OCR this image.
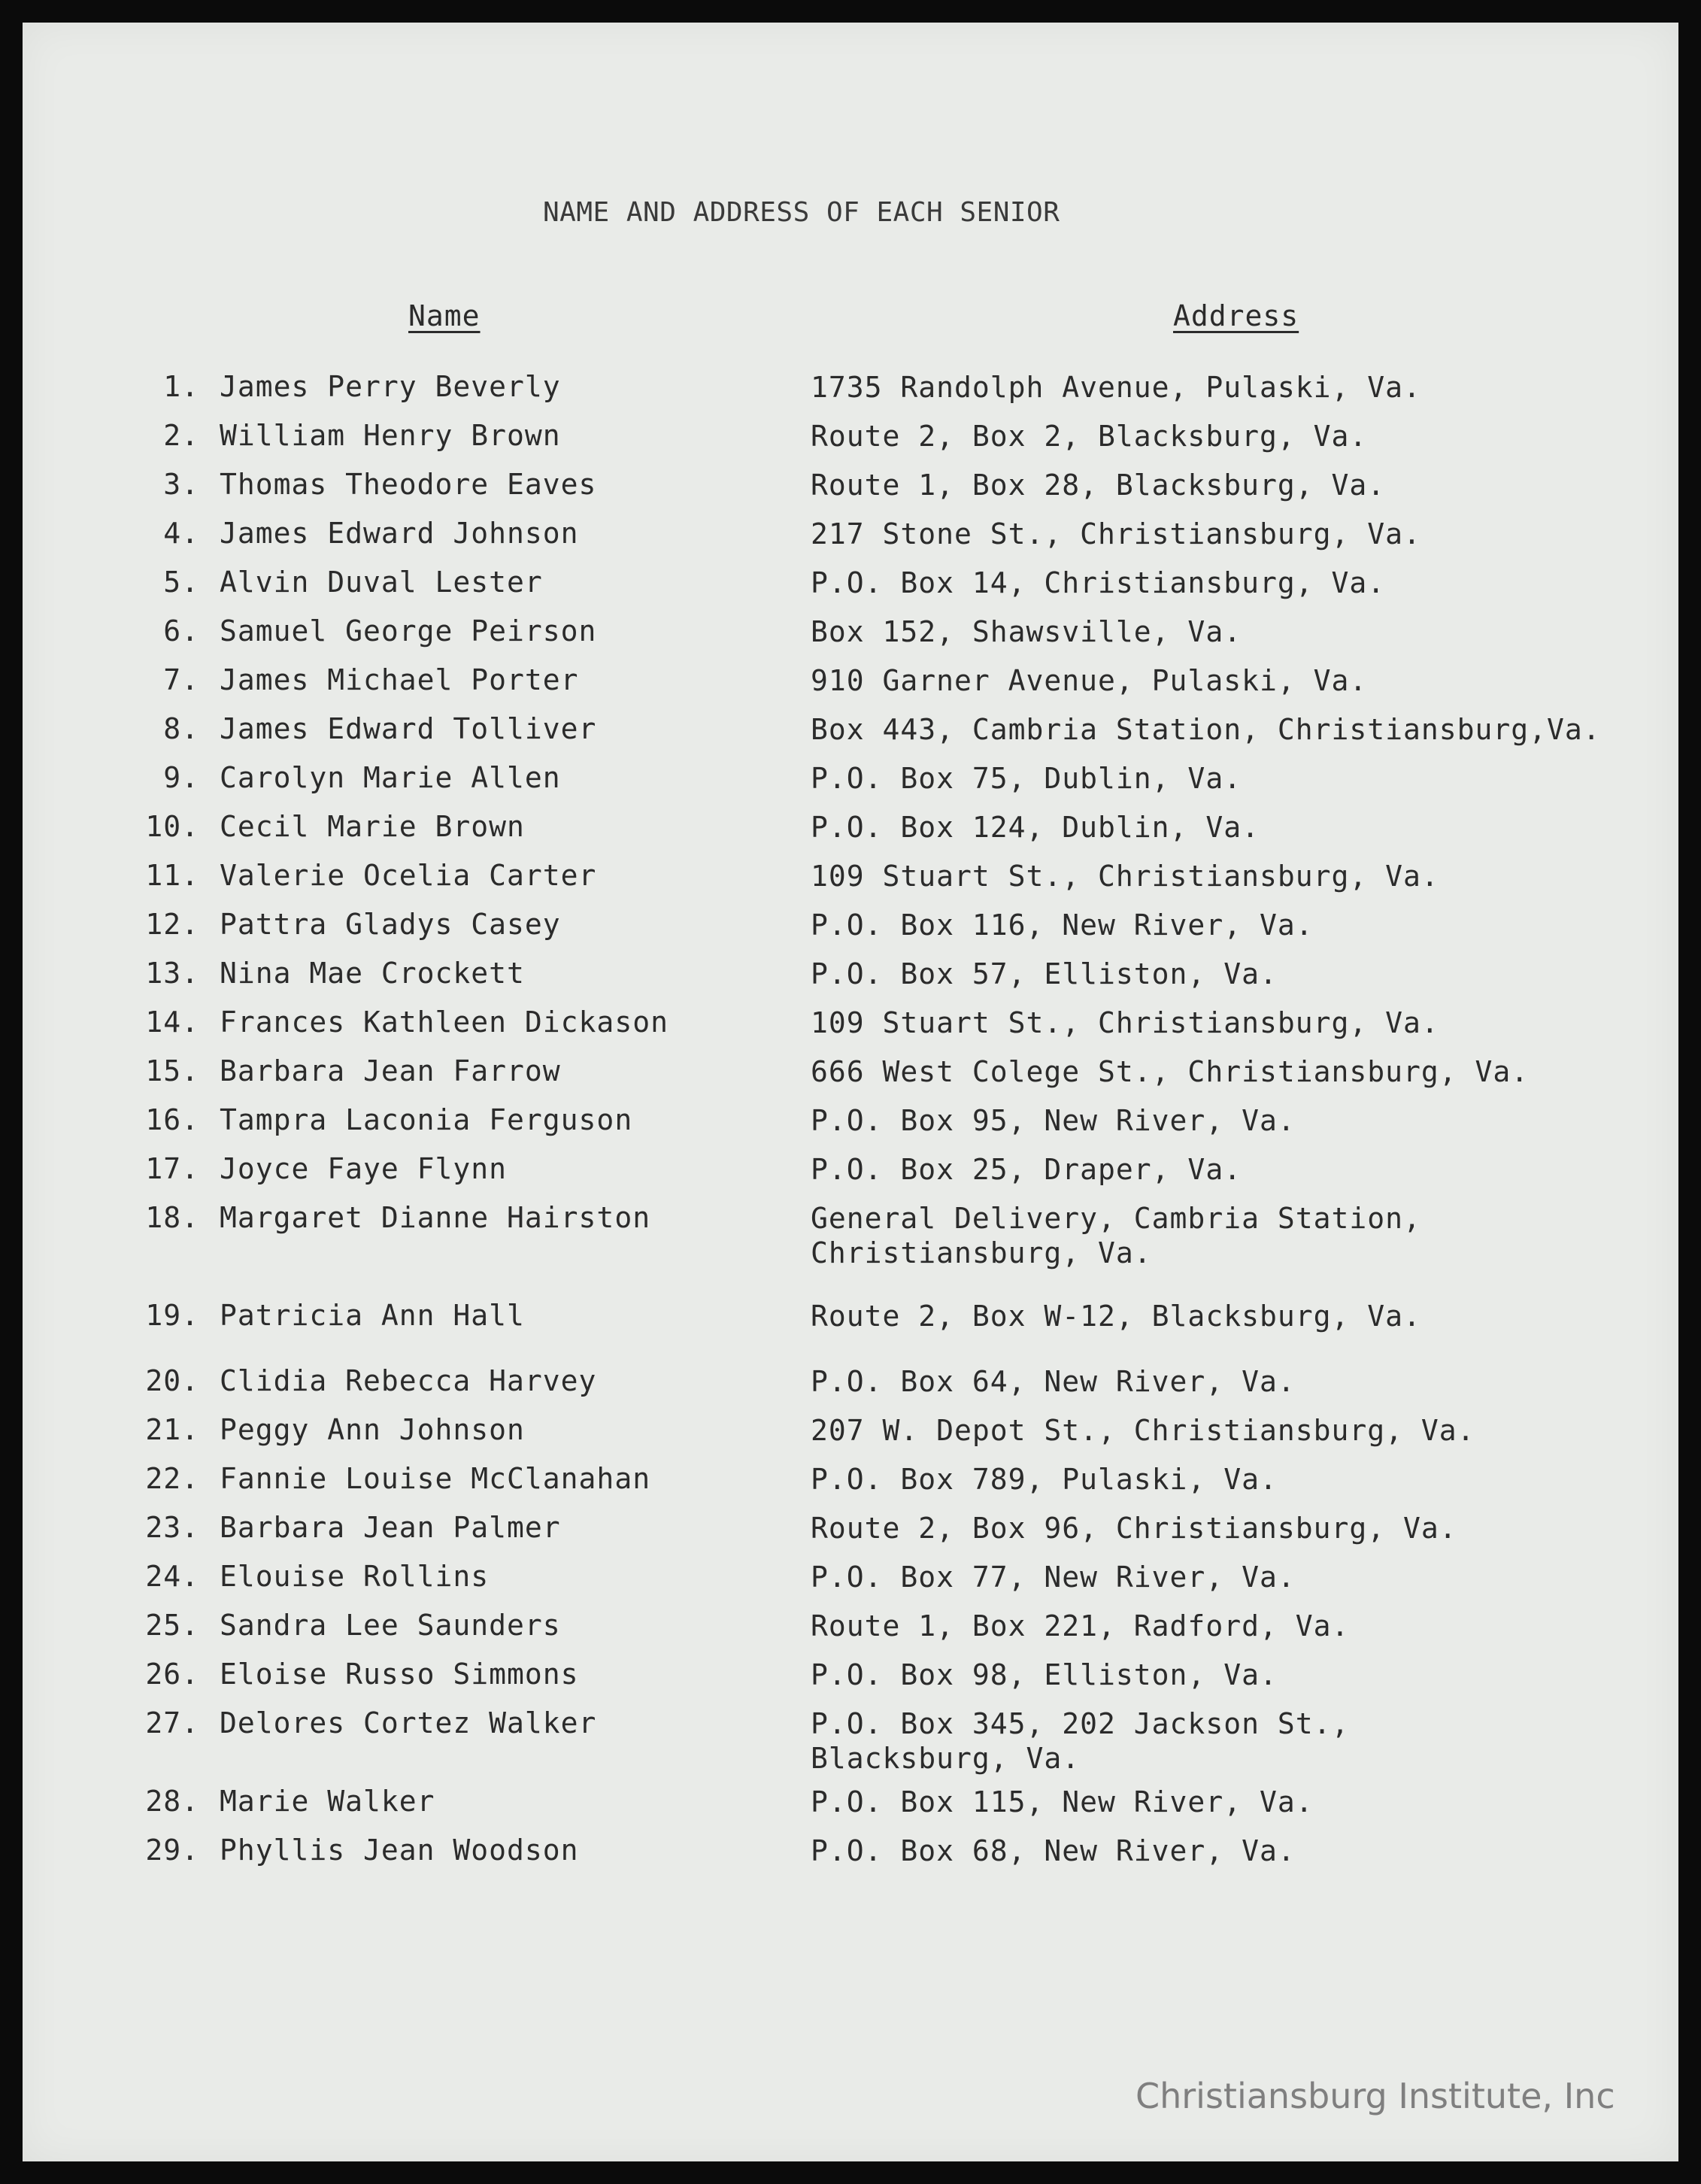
NAME AND ADDRESS OF EACH SENIOR
Name	Address
1. James Perry Beverly	1735 Randolph Avenue, Pulaski, Va.
2. William Henry Brown	Route 2, Box 2, Blacksburg, Va.
3. Thomas Theodore Eaves	Route 1, Box 28, Blacksburg, Va.
4. James Edward Johnson	217 Stone St., Christiansburg, Va.
5. Alvin Duval Lester	P.O. Box 14, Christiansburg, Va.
6. Samuel George Peirson	Box 152, Shawsville, Va.
7. James Michael Porter	910 Garner Avenue, Pulaski, Va.
8. James Edward Tolliver	Box 443, Cambria Station, Christiansburg,Va.
9. Carolyn Marie Allen	P.O. Box 75, Dublin, Va.
10. Cecil Marie Brown	P.O. Box 124, Dublin, Va.
11. Valerie Ocelia Carter	109 Stuart St., Christiansburg, Va.
12. Pattra Gladys Casey	P.O. Box 116, New River, Va.
13. Nina Mae Crockett	P.O. Box 57, Elliston, Va.
14. Frances Kathleen Dickason	109 Stuart St., Christiansburg, Va.
15. Barbara Jean Farrow	666 West Colege St., Christiansburg, Va.
16. Tampra Laconia Ferguson	P.O. Box 95, New River, Va.
17. Joyce Faye Flynn	P.O. Box 25, Draper, Va.
18. Margaret Dianne Hairston	General Delivery, Cambria Station,
Christiansburg, Va.
19. Patricia Ann Hall	Route 2, Box W-12, Blacksburg, Va.
20. Clidia Rebecca Harvey	P.O. Box 64, New River, Va.
21. Peggy Ann Johnson	207 W. Depot St., Christiansburg, Va.
22. Fannie Louise McClanahan	P.O. Box 789, Pulaski, Va.
23. Barbara Jean Palmer	Route 2, Box 96, Christiansburg, Va.
24. Elouise Rollins	P.O. Box 77, New River, Va.
25. Sandra Lee Saunders	Route 1, Box 221, Radford, Va.
26. Eloise Russo Simmons	P.O. Box 98, Elliston, Va.
27. Delores Cortez Walker	P.O. Box 345, 202 Jackson St.,
Blacksburg, Va.
28. Marie Walker	P.O. Box 115, New River, Va.
29. Phyllis Jean Woodson	P.O. Box 68, New River, Va.
Christiansburg Institute, Inc
